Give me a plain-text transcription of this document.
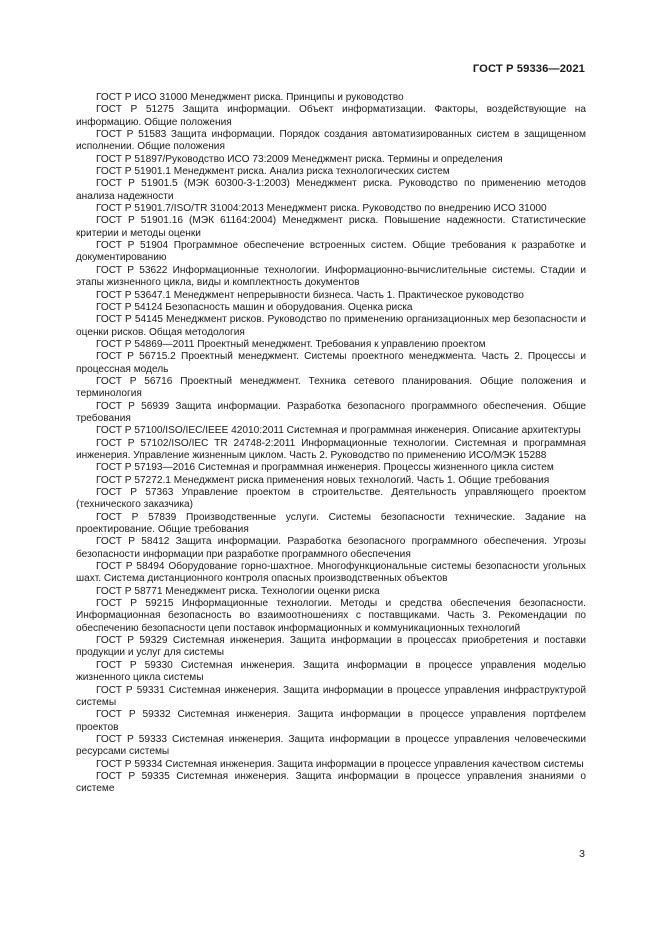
ГОСТ Р 59336—2021

ГОСТ Р ИСО 31000 Менеджмент риска. Принципы и руководство

ГОСТ Р 51275 Защита информации. Объект информатизации. Факторы, воздействующие на информацию. Общие положения

ГОСТ Р 51583 Защита информации. Порядок создания автоматизированных систем в защищенном исполнении. Общие положения

ГОСТ Р 51897/Руководство ИСО 73:2009 Менеджмент риска. Термины и определения

ГОСТ Р 51901.1 Менеджмент риска. Анализ риска технологических систем

ГОСТ Р 51901.5 (МЭК 60300-3-1:2003) Менеджмент риска. Руководство по применению методов анализа надежности

ГОСТ Р 51901.7/ISO/TR 31004:2013 Менеджмент риска. Руководство по внедрению ИСО 31000

ГОСТ Р 51901.16 (МЭК 61164:2004) Менеджмент риска. Повышение надежности. Статистические критерии и методы оценки

ГОСТ Р 51904 Программное обеспечение встроенных систем. Общие требования к разработке и документированию

ГОСТ Р 53622 Информационные технологии. Информационно-вычислительные системы. Стадии и этапы жизненного цикла, виды и комплектность документов

ГОСТ Р 53647.1 Менеджмент непрерывности бизнеса. Часть 1. Практическое руководство

ГОСТ Р 54124 Безопасность машин и оборудования. Оценка риска

ГОСТ Р 54145 Менеджмент рисков. Руководство по применению организационных мер безопасности и оценки рисков. Общая методология

ГОСТ Р 54869—2011 Проектный менеджмент. Требования к управлению проектом

ГОСТ Р 56715.2 Проектный менеджмент. Системы проектного менеджмента. Часть 2. Процессы и процессная модель

ГОСТ Р 56716 Проектный менеджмент. Техника сетевого планирования. Общие положения и терминология

ГОСТ Р 56939 Защита информации. Разработка безопасного программного обеспечения. Общие требования

ГОСТ Р 57100/ISO/IEC/IEEE 42010:2011 Системная и программная инженерия. Описание архитектуры

ГОСТ Р 57102/ISO/IEC TR 24748-2:2011 Информационные технологии. Системная и программная инженерия. Управление жизненным циклом. Часть 2. Руководство по применению ИСО/МЭК 15288

ГОСТ Р 57193—2016 Системная и программная инженерия. Процессы жизненного цикла систем

ГОСТ Р 57272.1 Менеджмент риска применения новых технологий. Часть 1. Общие требования

ГОСТ Р 57363 Управление проектом в строительстве. Деятельность управляющего проектом (технического заказчика)

ГОСТ Р 57839 Производственные услуги. Системы безопасности технические. Задание на проектирование. Общие требования

ГОСТ Р 58412 Защита информации. Разработка безопасного программного обеспечения. Угрозы безопасности информации при разработке программного обеспечения

ГОСТ Р 58494 Оборудование горно-шахтное. Многофункциональные системы безопасности угольных шахт. Система дистанционного контроля опасных производственных объектов

ГОСТ Р 58771 Менеджмент риска. Технологии оценки риска

ГОСТ Р 59215 Информационные технологии. Методы и средства обеспечения безопасности. Информационная безопасность во взаимоотношениях с поставщиками. Часть 3. Рекомендации по обеспечению безопасности цепи поставок информационных и коммуникационных технологий

ГОСТ Р 59329 Системная инженерия. Защита информации в процессах приобретения и поставки продукции и услуг для системы

ГОСТ Р 59330 Системная инженерия. Защита информации в процессе управления моделью жизненного цикла системы

ГОСТ Р 59331 Системная инженерия. Защита информации в процессе управления инфраструктурой системы

ГОСТ Р 59332 Системная инженерия. Защита информации в процессе управления портфелем проектов

ГОСТ Р 59333 Системная инженерия. Защита информации в процессе управления человеческими ресурсами системы

ГОСТ Р 59334 Системная инженерия. Защита информации в процессе управления качеством системы

ГОСТ Р 59335 Системная инженерия. Защита информации в процессе управления знаниями о системе

3
